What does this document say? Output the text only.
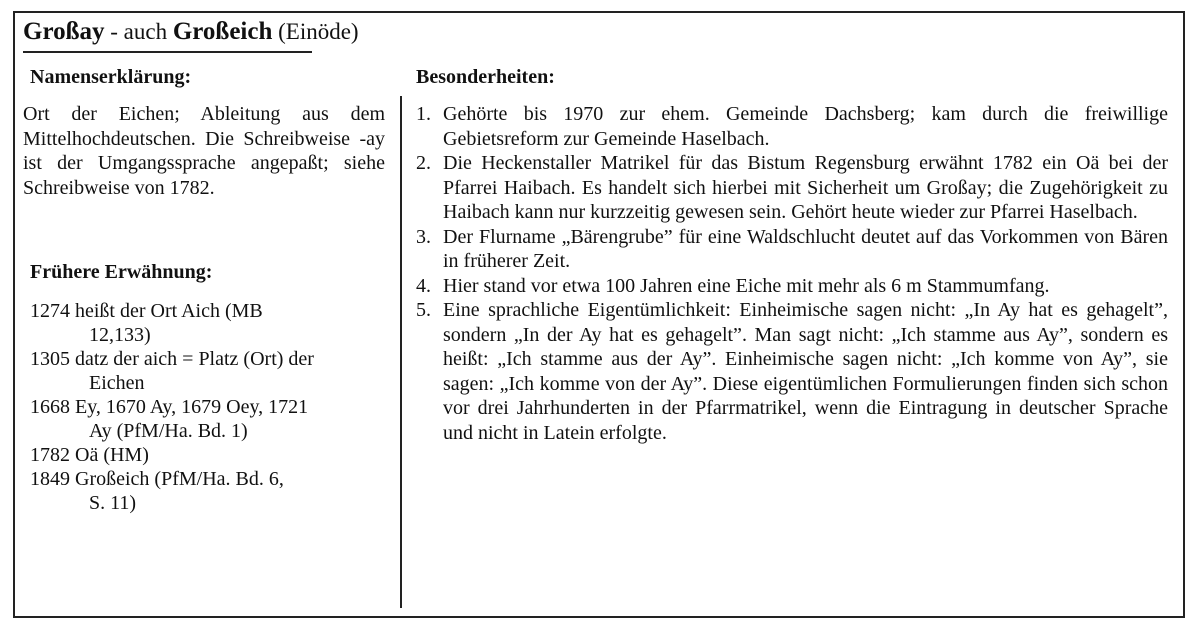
Großay - auch Großeich (Einöde)
Namenserklärung:	Besonderheiten:
Ort der Eichen; Ableitung aus dem Mittelhochdeutschen. Die Schreibweise -ay ist der Umgangssprache angepaßt; siehe Schreibweise von 1782.
Frühere Erwähnung:
1274 heißt der Ort Aich (MB
12,133)
1305 datz der aich = Platz (Ort) der
Eichen
1668 Ey, 1670 Ay, 1679 Oey, 1721
Ay (PfM/Ha. Bd. 1)
1782 Oä (HM)
1849 Großeich (PfM/Ha. Bd. 6,
S. 11)
1. Gehörte bis 1970 zur ehem. Gemeinde Dachsberg; kam durch die freiwillige Gebietsreform zur Gemeinde Haselbach.
2. Die Heckenstaller Matrikel für das Bistum Regensburg erwähnt 1782 ein Oä bei der Pfarrei Haibach. Es handelt sich hierbei mit Sicherheit um Großay; die Zugehörigkeit zu Haibach kann nur kurzzeitig gewesen sein. Gehört heute wieder zur Pfarrei Haselbach.
3. Der Flurname „Bärengrube” für eine Waldschlucht deutet auf das Vorkommen von Bären in früherer Zeit.
4. Hier stand vor etwa 100 Jahren eine Eiche mit mehr als 6 m Stammumfang.
5. Eine sprachliche Eigentümlichkeit: Einheimische sagen nicht: „In Ay hat es gehagelt”, sondern „In der Ay hat es gehagelt”. Man sagt nicht: „Ich stamme aus Ay”, sondern es heißt: „Ich stamme aus der Ay”. Einheimische sagen nicht: „Ich komme von Ay”, sie sagen: „Ich komme von der Ay”. Diese eigentümlichen Formulierungen finden sich schon vor drei Jahrhunderten in der Pfarrmatrikel, wenn die Eintragung in deutscher Sprache und nicht in Latein erfolgte.
